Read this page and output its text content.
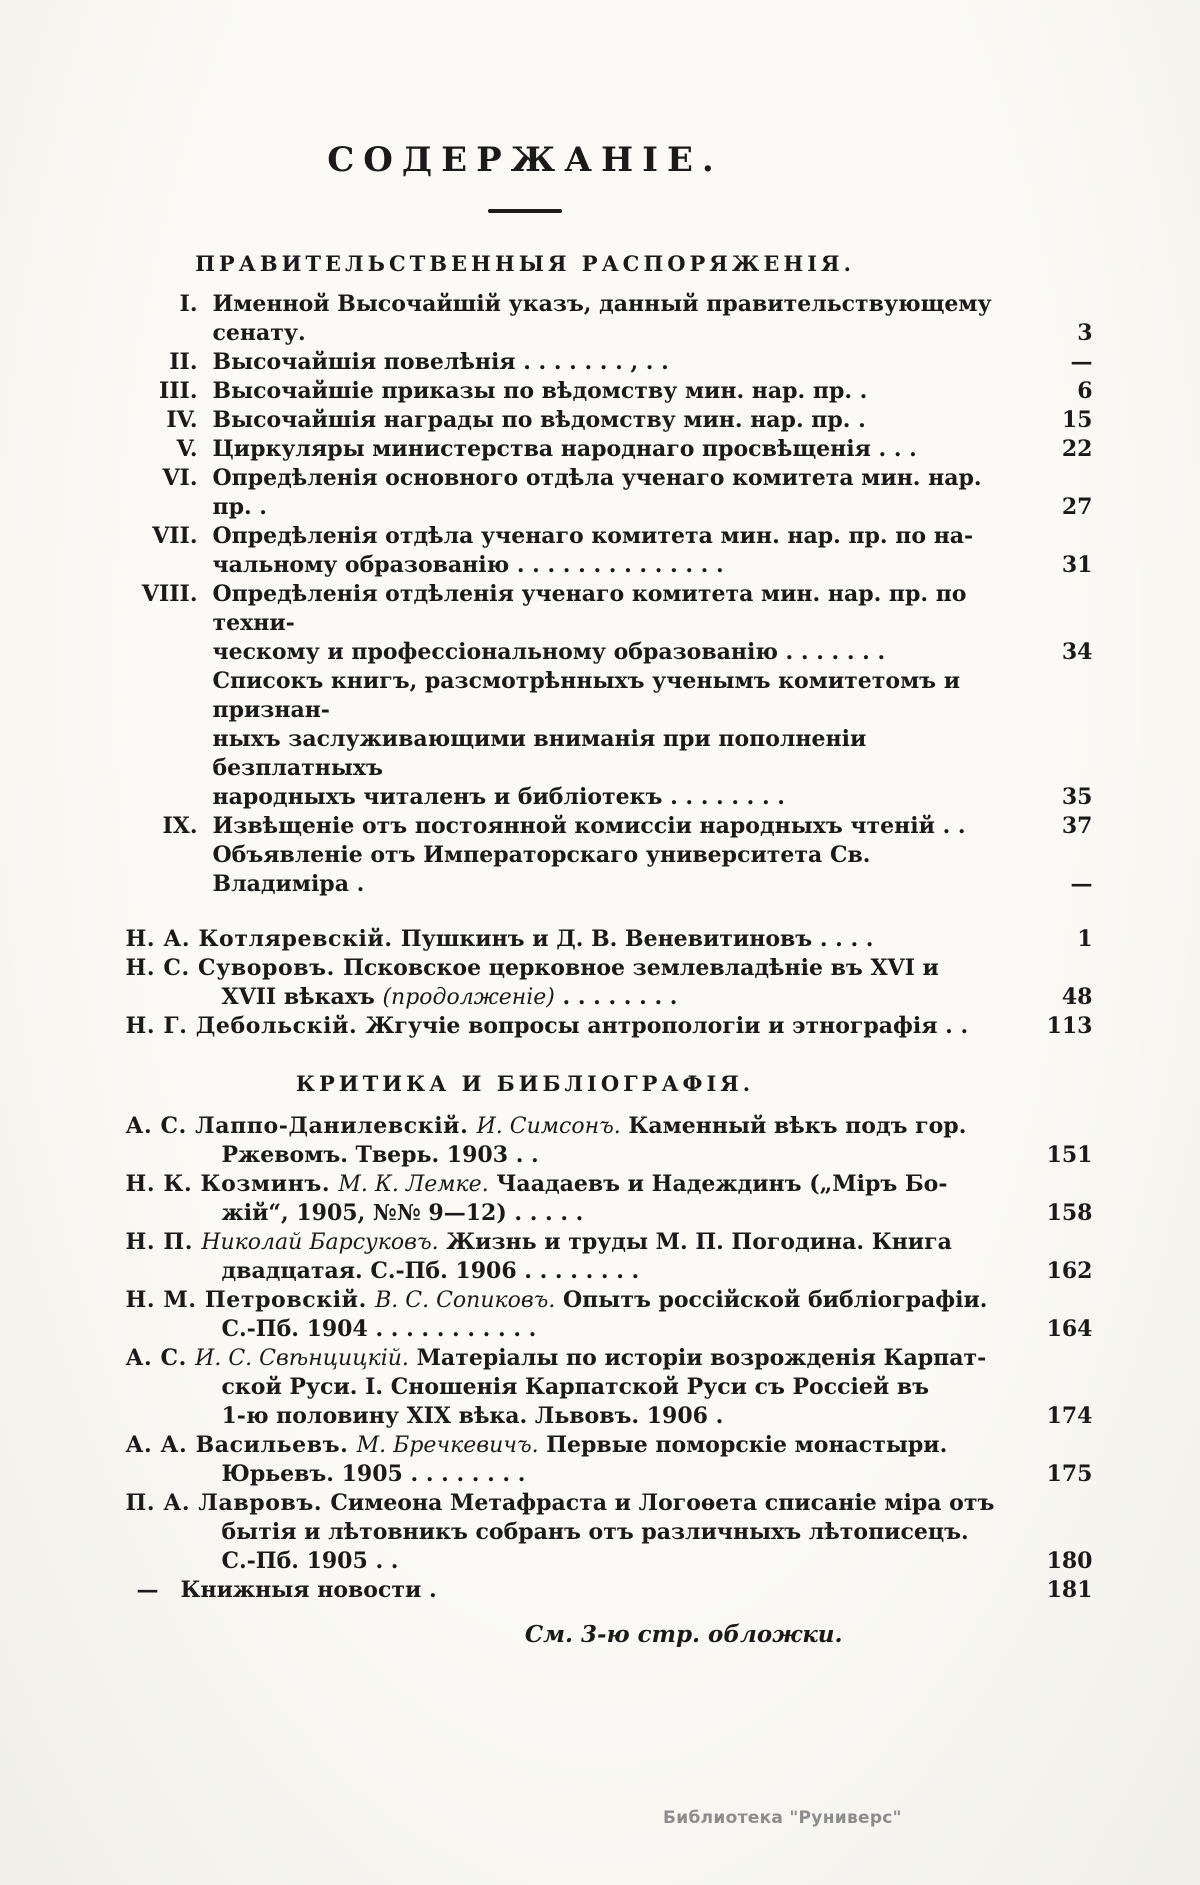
СОДЕРЖАНІЕ.
ПРАВИТЕЛЬСТВЕННЫЯ РАСПОРЯЖЕНІЯ.
I. Именной Высочайшій указъ, данный правительствующему сенату.	3
II. Высочайшія повелѣнія . . . . . . . , . .	—
III. Высочайшіе приказы по вѣдомству мин. нар. пр. .	6
IV. Высочайшія награды по вѣдомству мин. нар. пр. .	15
V. Циркуляры министерства народнаго просвѣщенія . . .	22
VI. Опредѣленія основного отдѣла ученаго комитета мин. нар. пр. .	27
VII. Опредѣленія отдѣла ученаго комитета мин. нар. пр. по на-
чальному образованію . . . . . . . . . . . . . .	31
VIII. Опредѣленія отдѣленія ученаго комитета мин. нар. пр. по техни-
ческому и профессіональному образованію . . . . . . .	34
Списокъ книгъ, разсмотрѣнныхъ ученымъ комитетомъ и признан-
ныхъ заслуживающими вниманія при пополненіи безплатныхъ
народныхъ читаленъ и библіотекъ . . . . . . . .	35
IX. Извѣщеніе отъ постоянной комиссіи народныхъ чтеній . .	37
Объявленіе отъ Императорскаго университета Св. Владиміра .	—
Н. А. Котляревскій. Пушкинъ и Д. В. Веневитиновъ . . . .	1
Н. С. Суворовъ. Псковское церковное землевладѣніе въ XVI и
XVII вѣкахъ (продолженіе) . . . . . . . .	48
Н. Г. Дебольскій. Жгучіе вопросы антропологіи и этнографія . .	113
КРИТИКА И БИБЛІОГРАФІЯ.
А. С. Лаппо-Данилевскій. И. Симсонъ. Каменный вѣкъ подъ гор.
Ржевомъ. Тверь. 1903 . .	151
Н. К. Козминъ. М. К. Лемке. Чаадаевъ и Надеждинъ („Міръ Бо-
жій“, 1905, №№ 9—12) . . . . .	158
Н. П. Николай Барсуковъ. Жизнь и труды М. П. Погодина. Книга
двадцатая. С.-Пб. 1906 . . . . . . . .	162
Н. М. Петровскій. В. С. Сопиковъ. Опытъ россійской библіографіи.
С.-Пб. 1904 . . . . . . . . . . .	164
А. С. И. С. Свѣнцицкій. Матеріалы по исторіи возрожденія Карпат-
ской Руси. I. Сношенія Карпатской Руси съ Россіей въ
1-ю половину XIX вѣка. Львовъ. 1906 .	174
А. А. Васильевъ. М. Бречкевичъ. Первые поморскіе монастыри.
Юрьевъ. 1905 . . . . . . . .	175
П. А. Лавровъ. Симеона Метафраста и Логоѳета списаніе міра отъ
бытія и лѣтовникъ собранъ отъ различныхъ лѣтописецъ.
С.-Пб. 1905 . .	180
 — Книжныя новости .	181
См. 3-ю стр. обложки.
Библиотека "Руниверс"
